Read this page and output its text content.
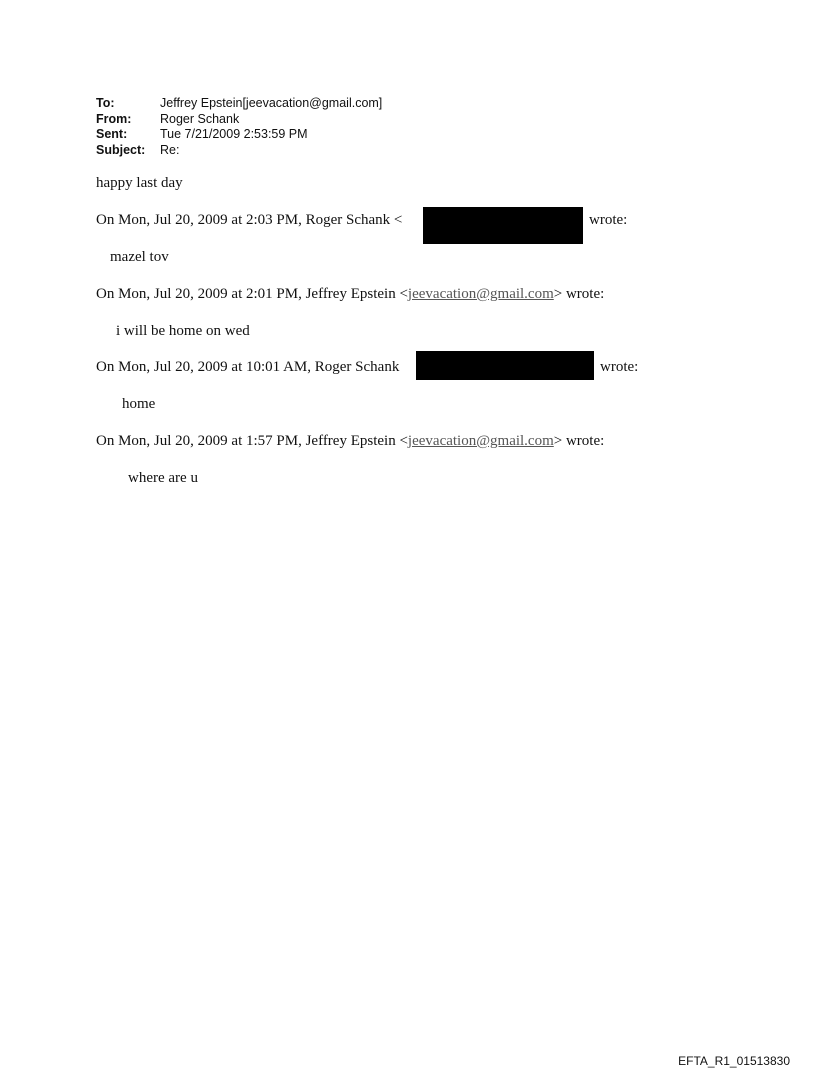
To:	Jeffrey Epstein[jeevacation@gmail.com]
From:	Roger Schank
Sent:	Tue 7/21/2009 2:53:59 PM
Subject:	Re:
happy last day
On Mon, Jul 20, 2009 at 2:03 PM, Roger Schank <	wrote:
mazel tov
On Mon, Jul 20, 2009 at 2:01 PM, Jeffrey Epstein <jeevacation@gmail.com> wrote:
i will be home on wed
On Mon, Jul 20, 2009 at 10:01 AM, Roger Schank	wrote:
home
On Mon, Jul 20, 2009 at 1:57 PM, Jeffrey Epstein <jeevacation@gmail.com> wrote:
where are u
EFTA_R1_01513830
